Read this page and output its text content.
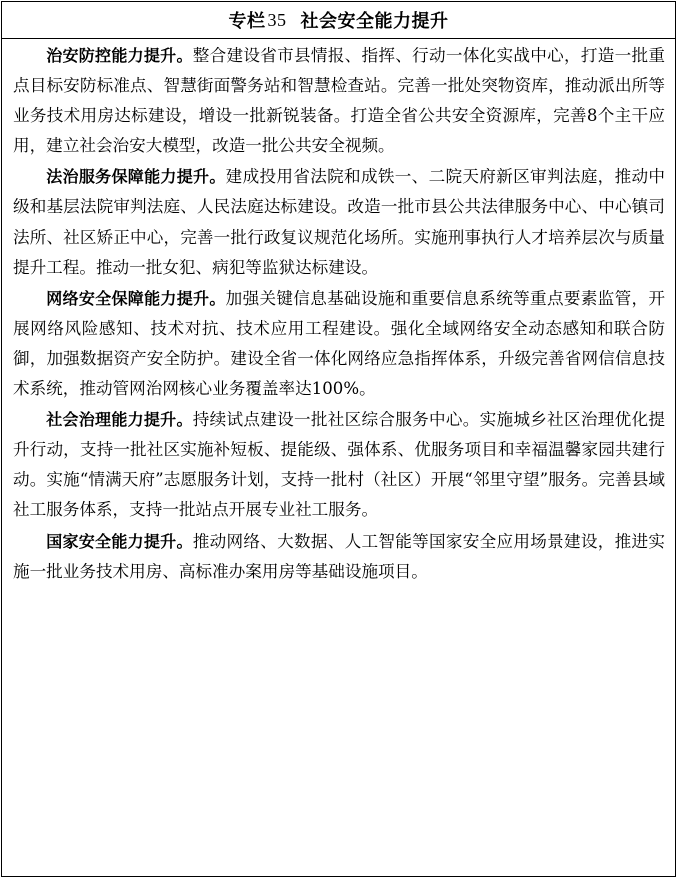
专栏 35 社会安全能力提升

治安防控能力提升。整合建设省市县情报、指挥、行动一体化实战中心，打造一批重点目标安防标准点、智慧街面警务站和智慧检查站。完善一批处突物资库，推动派出所等业务技术用房达标建设，增设一批新锐装备。打造全省公共安全资源库，完善8个主干应用，建立社会治安大模型，改造一批公共安全视频。

法治服务保障能力提升。建成投用省法院和成铁一、二院天府新区审判法庭，推动中级和基层法院审判法庭、人民法庭达标建设。改造一批市县公共法律服务中心、中心镇司法所、社区矫正中心，完善一批行政复议规范化场所。实施刑事执行人才培养层次与质量提升工程。推动一批女犯、病犯等监狱达标建设。

网络安全保障能力提升。加强关键信息基础设施和重要信息系统等重点要素监管，开展网络风险感知、技术对抗、技术应用工程建设。强化全域网络安全动态感知和联合防御，加强数据资产安全防护。建设全省一体化网络应急指挥体系，升级完善省网信信息技术系统，推动管网治网核心业务覆盖率达100%。

社会治理能力提升。持续试点建设一批社区综合服务中心。实施城乡社区治理优化提升行动，支持一批社区实施补短板、提能级、强体系、优服务项目和幸福温馨家园共建行动。实施“情满天府”志愿服务计划，支持一批村（社区）开展“邻里守望”服务。完善县域社工服务体系，支持一批站点开展专业社工服务。

国家安全能力提升。推动网络、大数据、人工智能等国家安全应用场景建设，推进实施一批业务技术用房、高标准办案用房等基础设施项目。
